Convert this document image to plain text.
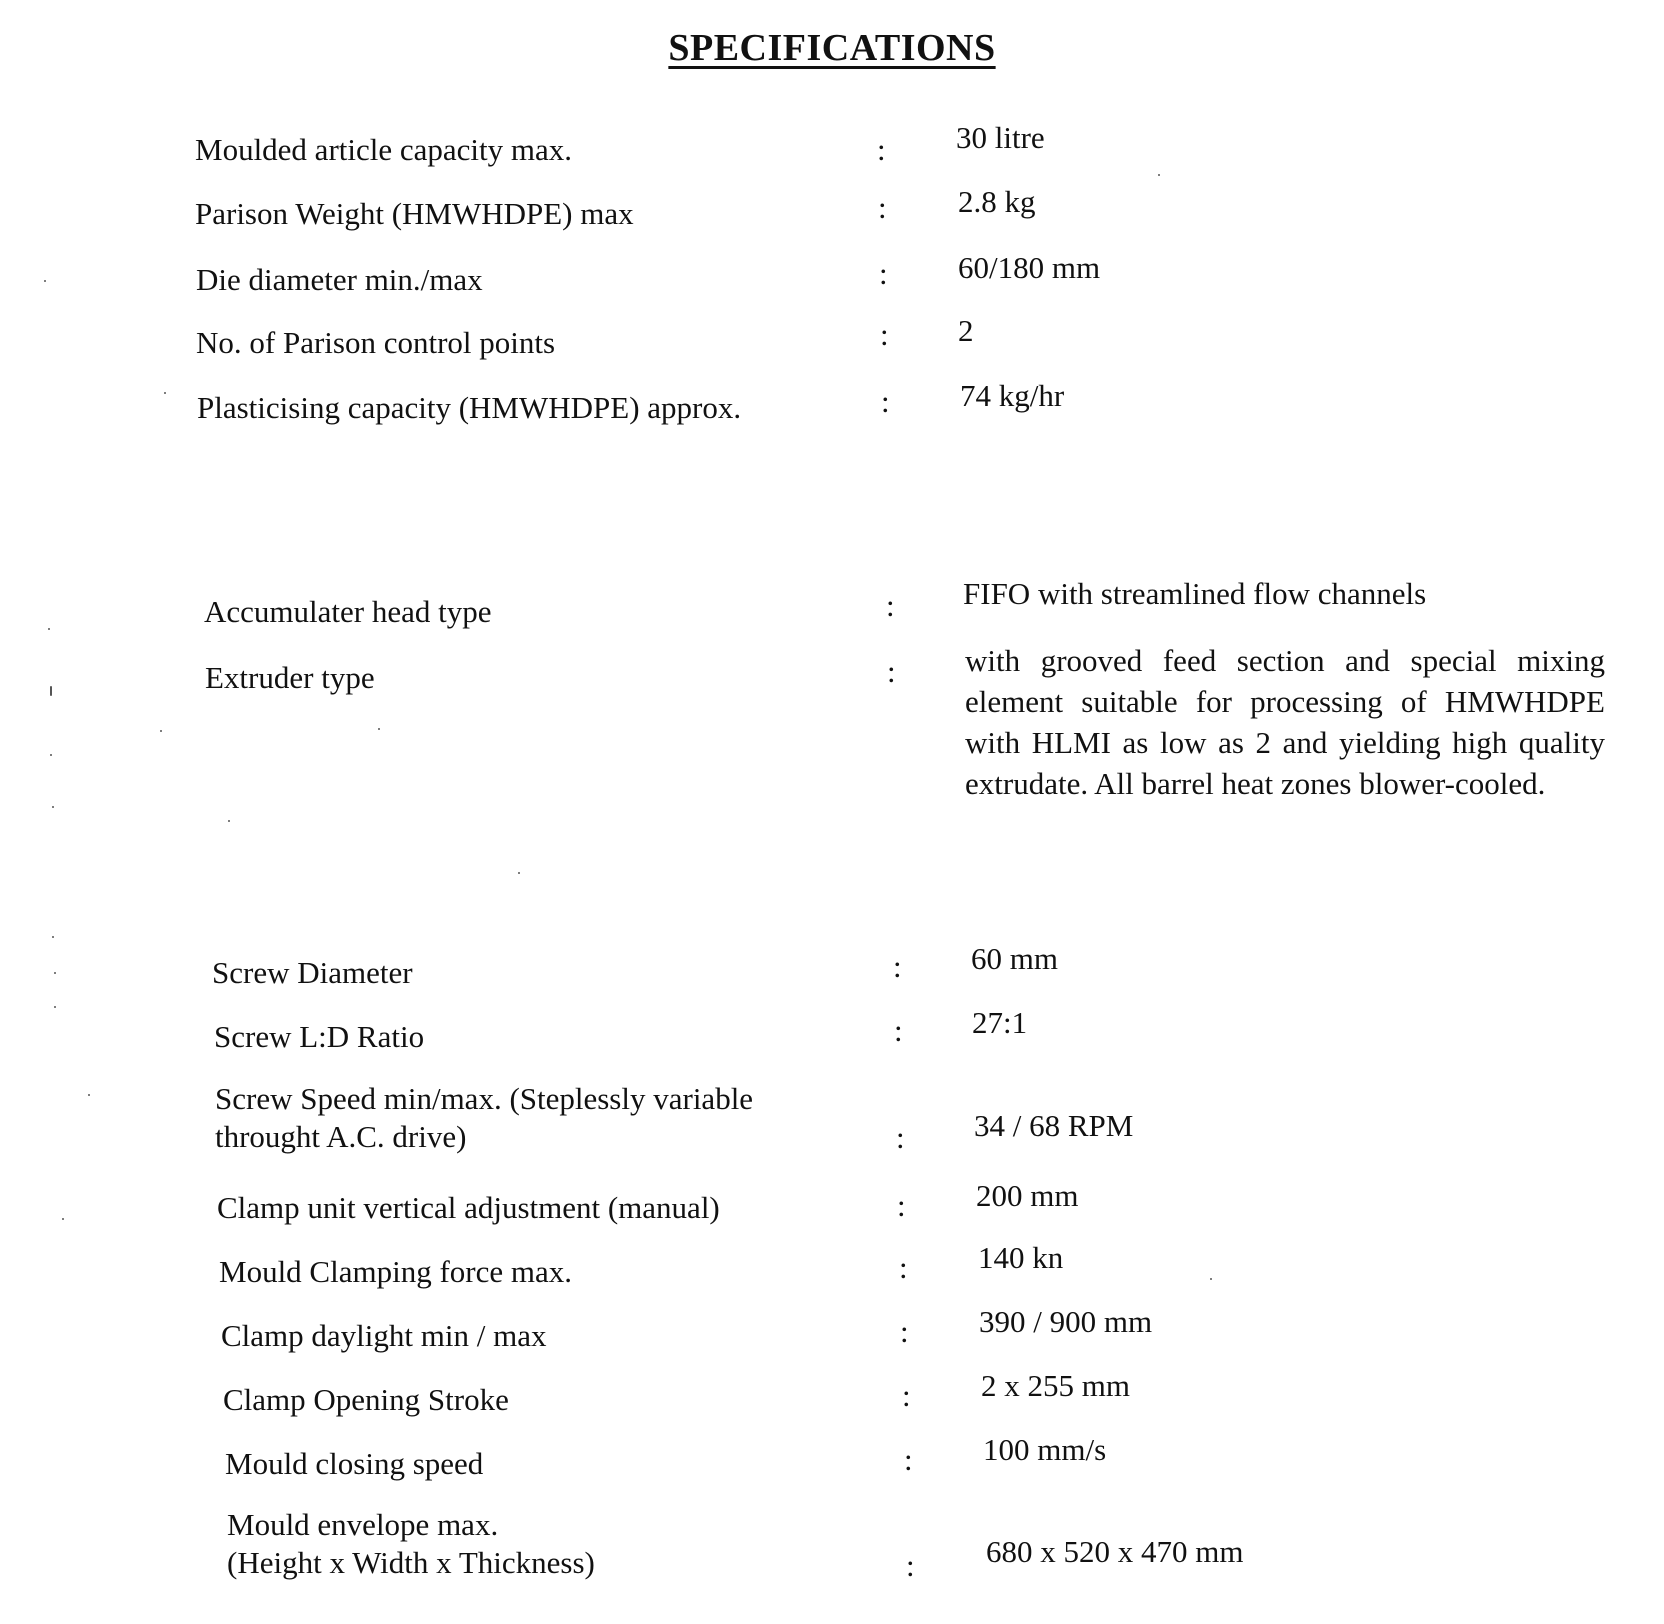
SPECIFICATIONS
Moulded article capacity max.	: 30 litre
Parison Weight (HMWHDPE) max	: 2.8 kg
Die diameter min./max	: 60/180 mm
No. of Parison control points	: 2
Plasticising capacity (HMWHDPE) approx.	: 74 kg/hr
Accumulater head type	: FIFO with streamlined flow channels
Extruder type	: with grooved feed section and special mixing element suitable for processing of HMWHDPE with HLMI as low as 2 and yielding high quality extrudate. All barrel heat zones blower-cooled.
Screw Diameter	: 60 mm
Screw L:D Ratio	: 27:1
Screw Speed min/max. (Steplessly variable
throught A.C. drive)	: 34 / 68 RPM
Clamp unit vertical adjustment (manual)	: 200 mm
Mould Clamping force max.	: 140 kn
Clamp daylight min / max	: 390 / 900 mm
Clamp Opening Stroke	: 2 x 255 mm
Mould closing speed	: 100 mm/s
Mould envelope max.
(Height x Width x Thickness)	: 680 x 520 x 470 mm
